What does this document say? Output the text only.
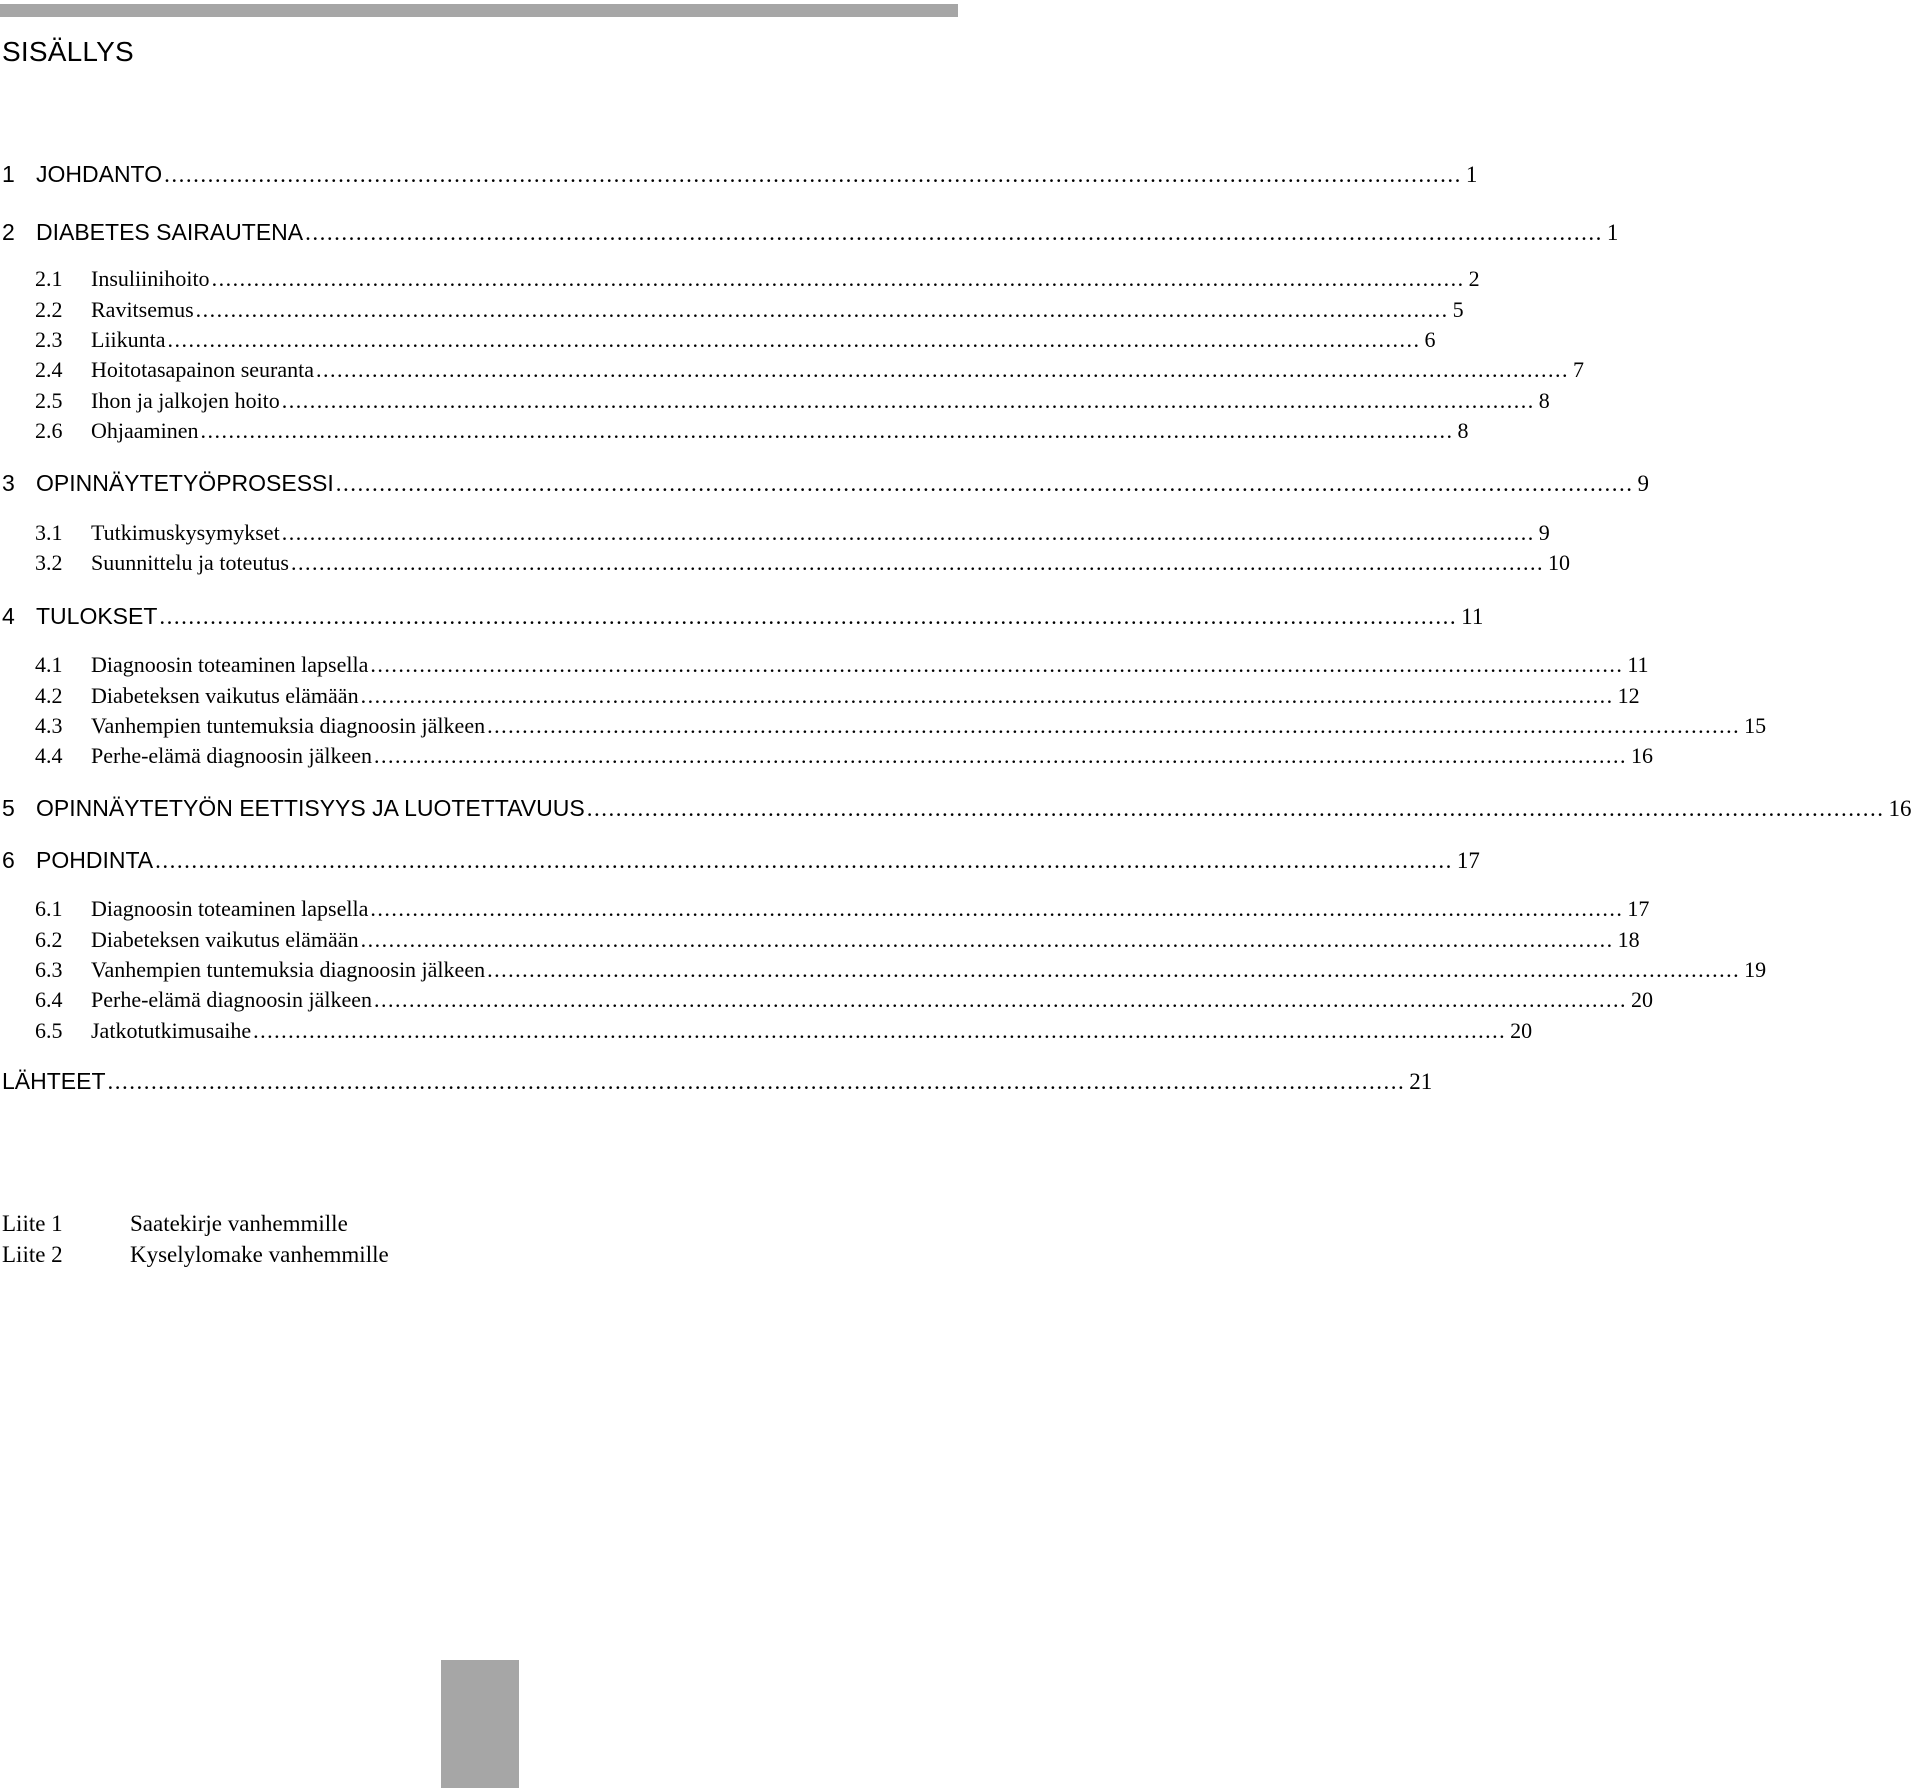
SISÄLLYS
1 JOHDANTO ................................................................................................................................................................................... 1
2 DIABETES SAIRAUTENA ................................................................................................................................................................................... 1
2.1	Insuliinihoito ................................................................................................................................................................................... 2
2.2	Ravitsemus ................................................................................................................................................................................... 5
2.3	Liikunta ................................................................................................................................................................................... 6
2.4	Hoitotasapainon seuranta ................................................................................................................................................................................... 7
2.5	Ihon ja jalkojen hoito ................................................................................................................................................................................... 8
2.6	Ohjaaminen ................................................................................................................................................................................... 8
3 OPINNÄYTETYÖPROSESSI ................................................................................................................................................................................... 9
3.1	Tutkimuskysymykset ................................................................................................................................................................................... 9
3.2	Suunnittelu ja toteutus ................................................................................................................................................................................... 10
4 TULOKSET ................................................................................................................................................................................... 11
4.1	Diagnoosin toteaminen lapsella ................................................................................................................................................................................... 11
4.2	Diabeteksen vaikutus elämään ................................................................................................................................................................................... 12
4.3	Vanhempien tuntemuksia diagnoosin jälkeen ................................................................................................................................................................................... 15
4.4	Perhe-elämä diagnoosin jälkeen ................................................................................................................................................................................... 16
5 OPINNÄYTETYÖN EETTISYYS JA LUOTETTAVUUS ................................................................................................................................................................................... 16
6 POHDINTA ................................................................................................................................................................................... 17
6.1	Diagnoosin toteaminen lapsella ................................................................................................................................................................................... 17
6.2	Diabeteksen vaikutus elämään ................................................................................................................................................................................... 18
6.3	Vanhempien tuntemuksia diagnoosin jälkeen ................................................................................................................................................................................... 19
6.4	Perhe-elämä diagnoosin jälkeen ................................................................................................................................................................................... 20
6.5	Jatkotutkimusaihe ................................................................................................................................................................................... 20
LÄHTEET ................................................................................................................................................................................... 21
Liite 1	Saatekirje vanhemmille
Liite 2	Kyselylomake vanhemmille
